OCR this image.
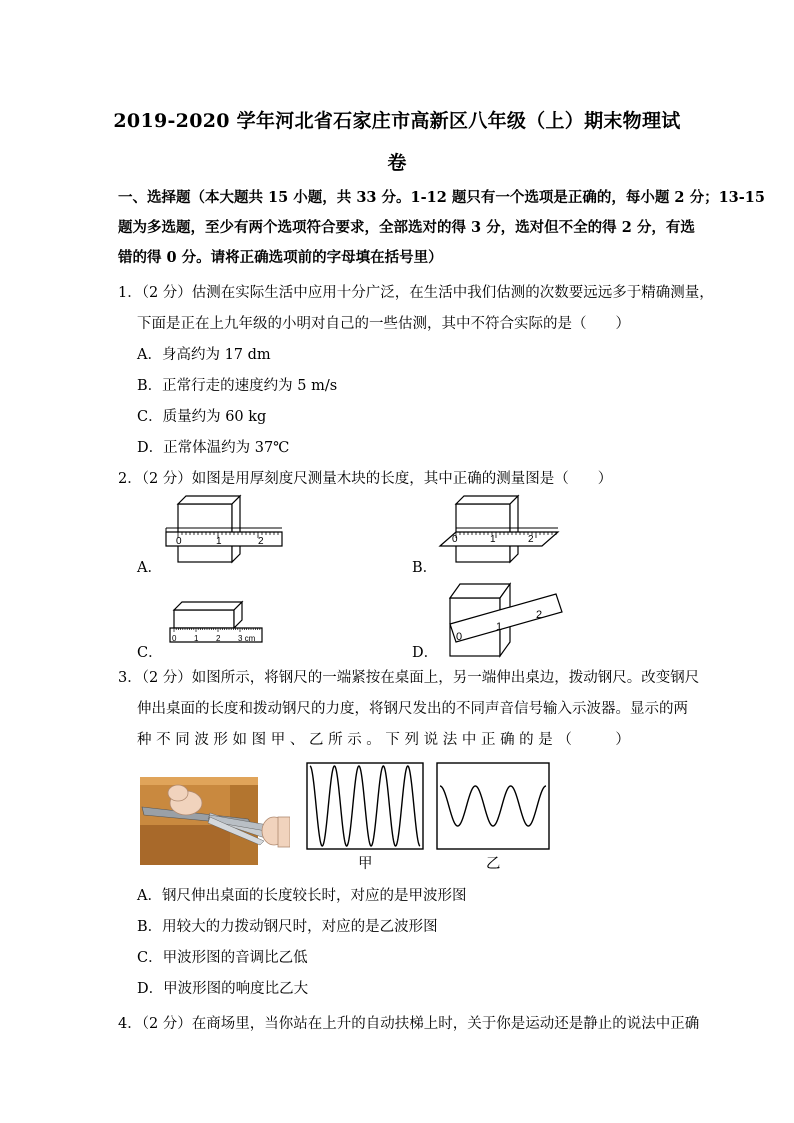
2019-2020 学年河北省石家庄市高新区八年级（上）期末物理试
卷
一、选择题（本大题共 15 小题，共 33 分。1-12 题只有一个选项是正确的，每小题 2 分；13-15
题为多选题，至少有两个选项符合要求，全部选对的得 3 分，选对但不全的得 2 分，有选
错的得 0 分。请将正确选项前的字母填在括号里）
1．（2 分）估测在实际生活中应用十分广泛，在生活中我们估测的次数要远远多于精确测量，
下面是正在上九年级的小明对自己的一些估测，其中不符合实际的是（　　）
A．身高约为 17 dm
B．正常行走的速度约为 5 m/s
C．质量约为 60 kg
D．正常体温约为 37℃
2．（2 分）如图是用厚刻度尺测量木块的长度，其中正确的测量图是（　　）
A．
0	1	2
B．
0	1	2
C．
0 1 2 3 cm
D．
0
1
2
3．（2 分）如图所示，将钢尺的一端紧按在桌面上，另一端伸出桌边，拨动钢尺。改变钢尺
伸出桌面的长度和拨动钢尺的力度，将钢尺发出的不同声音信号输入示波器。显示的两
种 不 同 波 形 如 图 甲 、 乙 所 示 。 下 列 说 法 中 正 确 的 是 （　　　）
甲	乙
A．钢尺伸出桌面的长度较长时，对应的是甲波形图
B．用较大的力拨动钢尺时，对应的是乙波形图
C．甲波形图的音调比乙低
D．甲波形图的响度比乙大
4．（2 分）在商场里，当你站在上升的自动扶梯上时，关于你是运动还是静止的说法中正确
